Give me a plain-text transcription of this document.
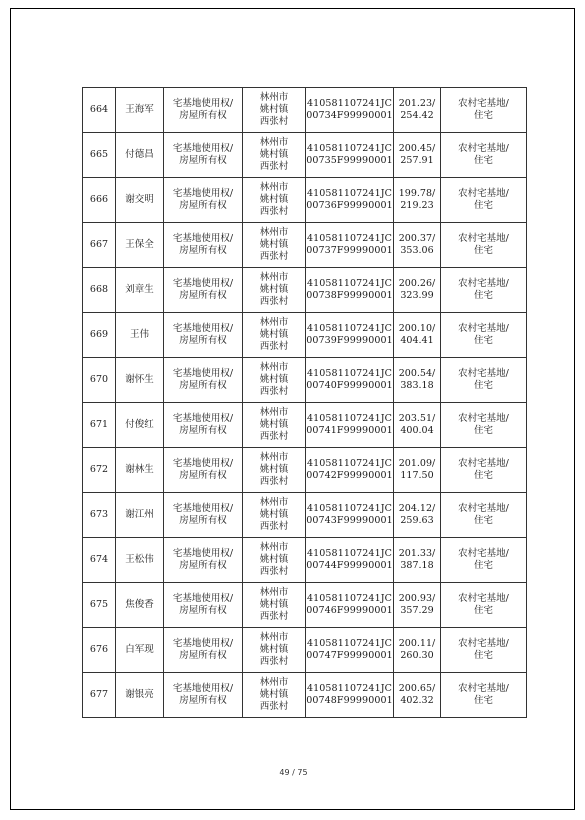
664	王海军	宅基地使用权/
房屋所有权	林州市
姚村镇
西张村	410581107241JC
00734F99990001	201.23/
254.42	农村宅基地/
住宅

665	付德昌	宅基地使用权/
房屋所有权	林州市
姚村镇
西张村	410581107241JC
00735F99990001	200.45/
257.91	农村宅基地/
住宅

666	谢交明	宅基地使用权/
房屋所有权	林州市
姚村镇
西张村	410581107241JC
00736F99990001	199.78/
219.23	农村宅基地/
住宅

667	王保全	宅基地使用权/
房屋所有权	林州市
姚村镇
西张村	410581107241JC
00737F99990001	200.37/
353.06	农村宅基地/
住宅

668	刘章生	宅基地使用权/
房屋所有权	林州市
姚村镇
西张村	410581107241JC
00738F99990001	200.26/
323.99	农村宅基地/
住宅

669	王伟	宅基地使用权/
房屋所有权	林州市
姚村镇
西张村	410581107241JC
00739F99990001	200.10/
404.41	农村宅基地/
住宅

670	谢怀生	宅基地使用权/
房屋所有权	林州市
姚村镇
西张村	410581107241JC
00740F99990001	200.54/
383.18	农村宅基地/
住宅

671	付俊红	宅基地使用权/
房屋所有权	林州市
姚村镇
西张村	410581107241JC
00741F99990001	203.51/
400.04	农村宅基地/
住宅

672	谢林生	宅基地使用权/
房屋所有权	林州市
姚村镇
西张村	410581107241JC
00742F99990001	201.09/
117.50	农村宅基地/
住宅

673	谢江州	宅基地使用权/
房屋所有权	林州市
姚村镇
西张村	410581107241JC
00743F99990001	204.12/
259.63	农村宅基地/
住宅

674	王松伟	宅基地使用权/
房屋所有权	林州市
姚村镇
西张村	410581107241JC
00744F99990001	201.33/
387.18	农村宅基地/
住宅

675	焦俊香	宅基地使用权/
房屋所有权	林州市
姚村镇
西张村	410581107241JC
00746F99990001	200.93/
357.29	农村宅基地/
住宅

676	白军现	宅基地使用权/
房屋所有权	林州市
姚村镇
西张村	410581107241JC
00747F99990001	200.11/
260.30	农村宅基地/
住宅

677	谢银亮	宅基地使用权/
房屋所有权	林州市
姚村镇
西张村	410581107241JC
00748F99990001	200.65/
402.32	农村宅基地/
住宅
49 / 75
